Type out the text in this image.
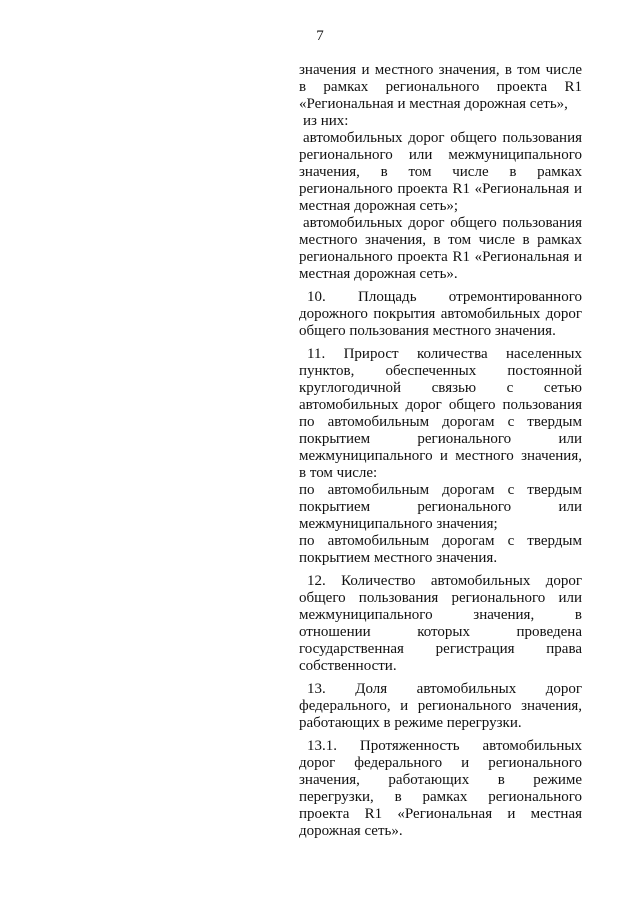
7

значения и местного значения, в том числе в рамках регионального проекта R1 «Региональная и местная дорожная сеть»,

из них:

автомобильных дорог общего пользования регионального или межмуниципального значения, в том числе в рамках регионального проекта R1 «Региональная и местная дорожная сеть»;

автомобильных дорог общего пользования местного значения, в том числе в рамках регионального проекта R1 «Региональная и местная дорожная сеть».

10. Площадь отремонтированного дорожного покрытия автомобильных дорог общего пользования местного значения.

11. Прирост количества населенных пунктов, обеспеченных постоянной круглогодичной связью с сетью автомобильных дорог общего пользования по автомобильным дорогам с твердым покрытием регионального или межмуниципального и местного значения, в том числе:

по автомобильным дорогам с твердым покрытием регионального или межмуниципального значения;

по автомобильным дорогам с твердым покрытием местного значения.

12. Количество автомобильных дорог общего пользования регионального или межмуниципального значения, в отношении которых проведена государственная регистрация права собственности.

13. Доля автомобильных дорог федерального, и регионального значения, работающих в режиме перегрузки.

13.1. Протяженность автомобильных дорог федерального и регионального значения, работающих в режиме перегрузки, в рамках регионального проекта R1 «Региональная и местная дорожная сеть».
